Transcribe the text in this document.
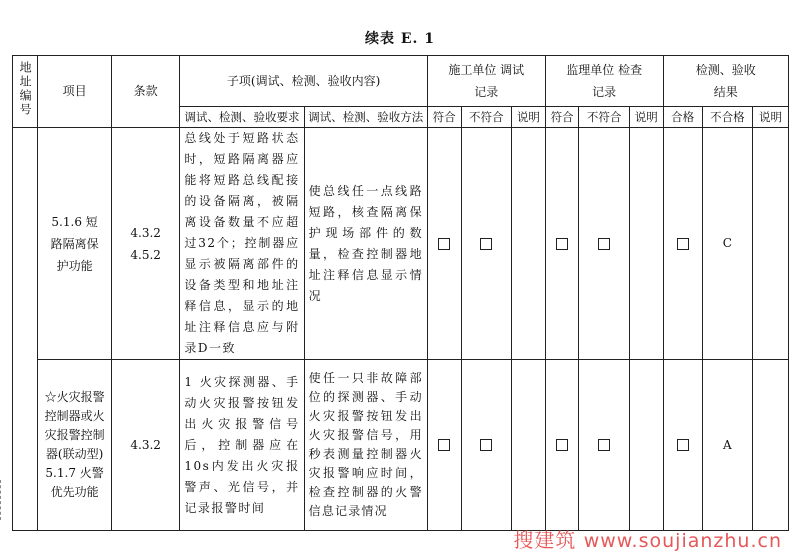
续表 E. 1
地址编号	项目	条款	子项(调试、检测、验收内容)		施工单位 调试记录			监理单位 检查记录			检测、验收 结果		
			调试、检测、验收要求	调试、检测、验收方法	符合	不符合	说明	符合	不符合	说明	合格	不合格	说明
	5.1.6 短路隔离保护功能	4.3.2 4.5.2	总线处于短路状态时，短路隔离器应能将短路总线配接的设备隔离，被隔离设备数量不应超过32个；控制器应显示被隔离部件的设备类型和地址注释信息，显示的地址注释信息应与附录D一致	使总线任一点线路短路，核查隔离保护现场部件的数量，检查控制器地址注释信息显示情况								C	
	☆火灾报警控制器或火灾报警控制器(联动型) 5.1.7 火警优先功能	4.3.2	1 火灾探测器、手动火灾报警按钮发出火灾报警信号后，控制器应在10s内发出火灾报警声、光信号，并记录报警时间	使任一只非故障部位的探测器、手动火灾报警按钮发出火灾报警信号，用秒表测量控制器火灾报警响应时间，检查控制器的火警信息记录情况								A	
搜建筑 www.soujianzhu.cn
